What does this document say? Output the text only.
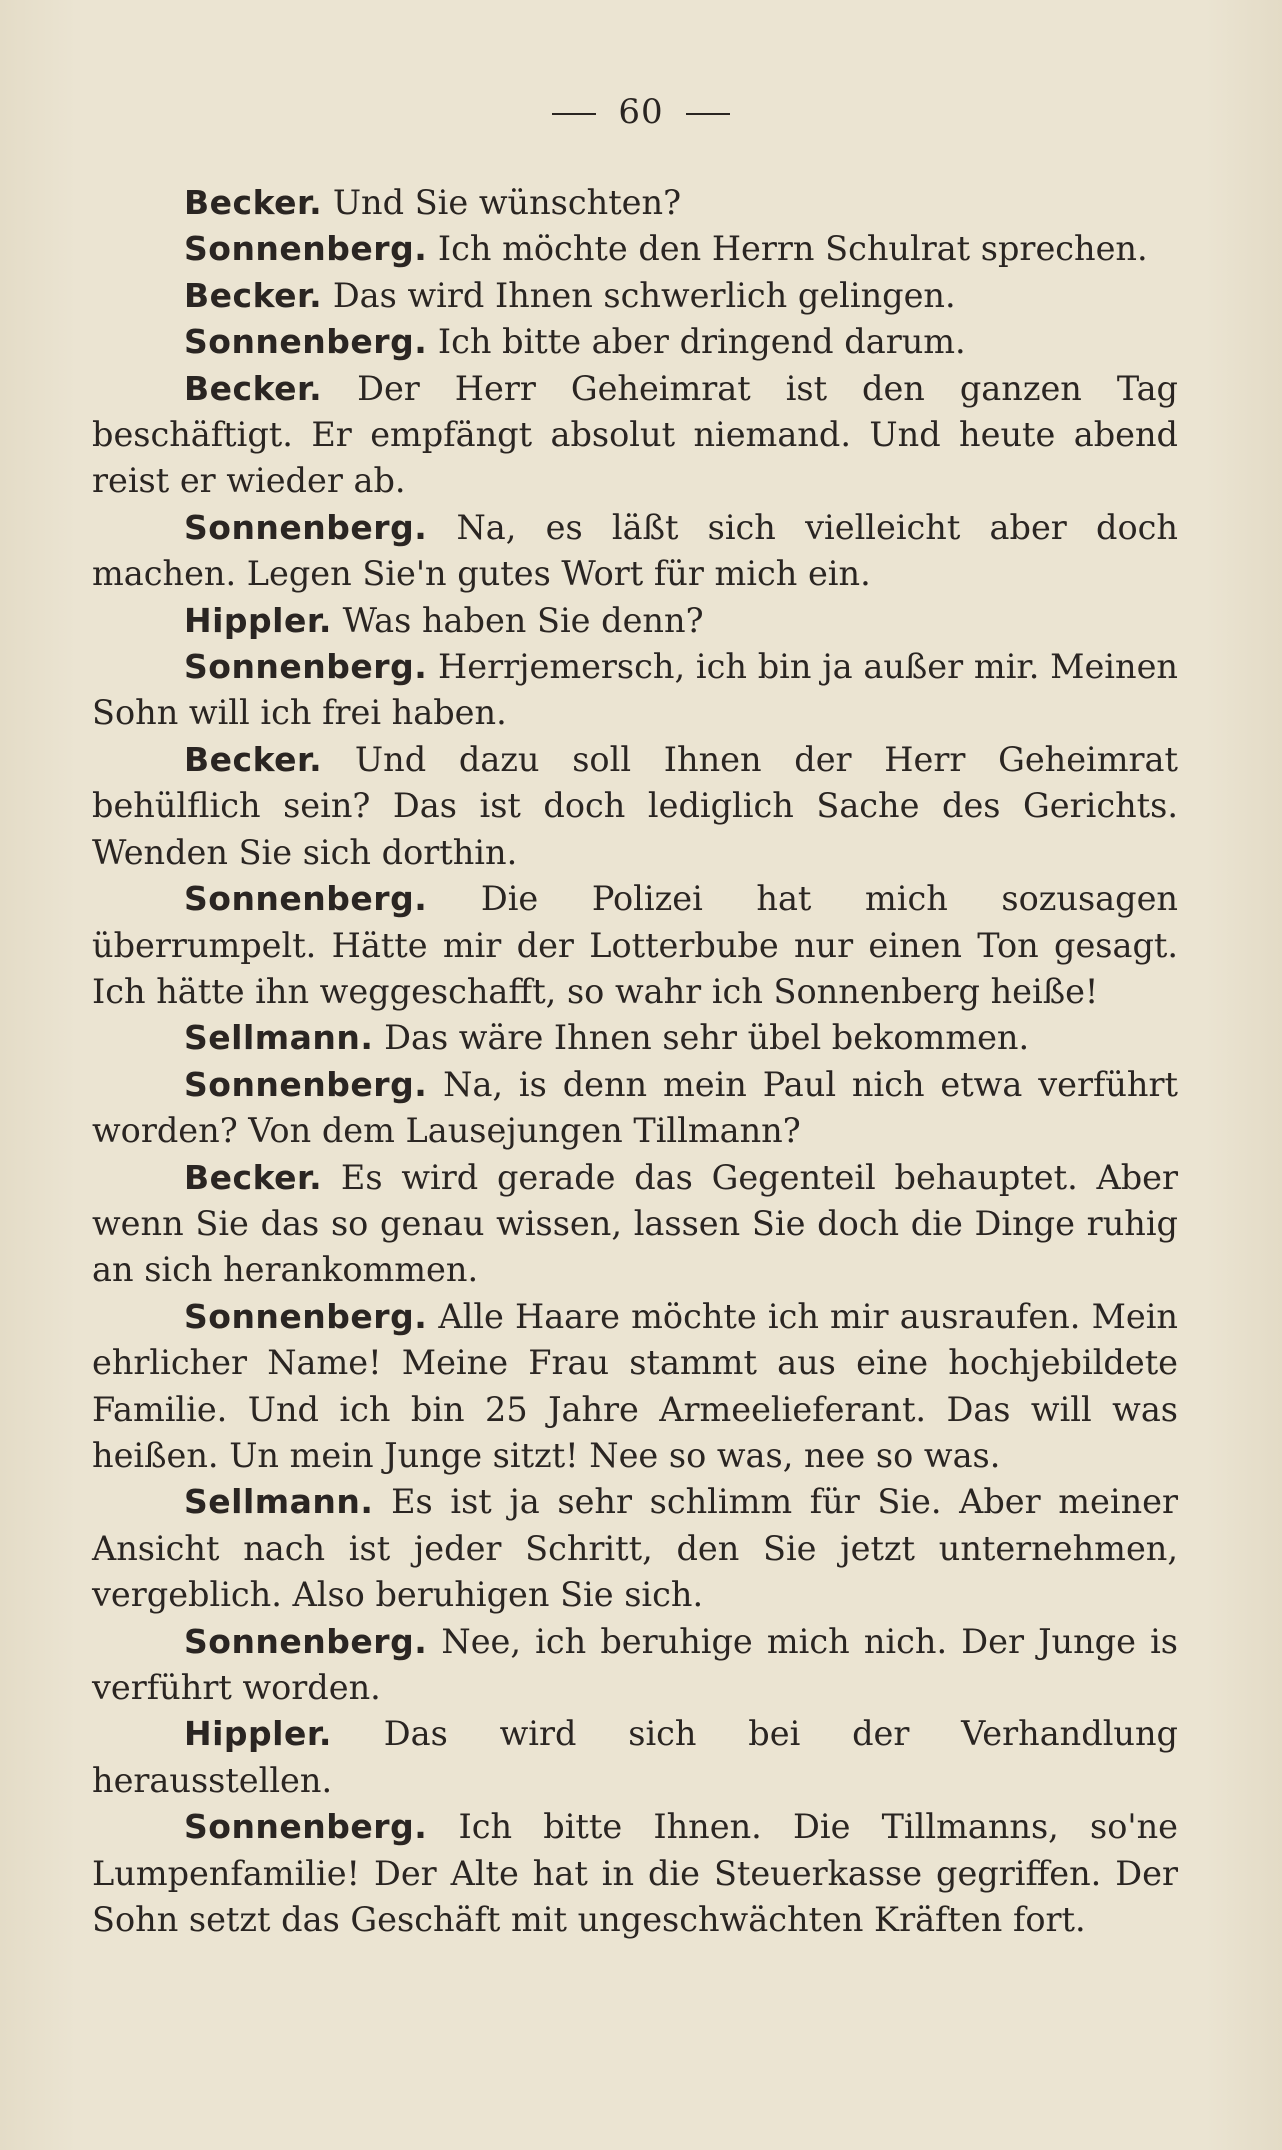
60

Becker. Und Sie wünschten?

Sonnenberg. Ich möchte den Herrn Schulrat sprechen.

Becker. Das wird Ihnen schwerlich gelingen.

Sonnenberg. Ich bitte aber dringend darum.

Becker. Der Herr Geheimrat ist den ganzen Tag beschäftigt. Er empfängt absolut niemand. Und heute abend reist er wieder ab.

Sonnenberg. Na, es läßt sich vielleicht aber doch machen. Legen Sie'n gutes Wort für mich ein.

Hippler. Was haben Sie denn?

Sonnenberg. Herrjemersch, ich bin ja außer mir. Meinen Sohn will ich frei haben.

Becker. Und dazu soll Ihnen der Herr Geheimrat behülflich sein? Das ist doch lediglich Sache des Gerichts. Wenden Sie sich dorthin.

Sonnenberg. Die Polizei hat mich sozusagen überrumpelt. Hätte mir der Lotterbube nur einen Ton gesagt. Ich hätte ihn weggeschafft, so wahr ich Sonnenberg heiße!

Sellmann. Das wäre Ihnen sehr übel bekommen.

Sonnenberg. Na, is denn mein Paul nich etwa verführt worden? Von dem Lausejungen Tillmann?

Becker. Es wird gerade das Gegenteil behauptet. Aber wenn Sie das so genau wissen, lassen Sie doch die Dinge ruhig an sich herankommen.

Sonnenberg. Alle Haare möchte ich mir ausraufen. Mein ehrlicher Name! Meine Frau stammt aus eine hochjebildete Familie. Und ich bin 25 Jahre Armeelieferant. Das will was heißen. Un mein Junge sitzt! Nee so was, nee so was.

Sellmann. Es ist ja sehr schlimm für Sie. Aber meiner Ansicht nach ist jeder Schritt, den Sie jetzt unternehmen, vergeblich. Also beruhigen Sie sich.

Sonnenberg. Nee, ich beruhige mich nich. Der Junge is verführt worden.

Hippler. Das wird sich bei der Verhandlung herausstellen.

Sonnenberg. Ich bitte Ihnen. Die Tillmanns, so'ne Lumpenfamilie! Der Alte hat in die Steuerkasse gegriffen. Der Sohn setzt das Geschäft mit ungeschwächten Kräften fort.
